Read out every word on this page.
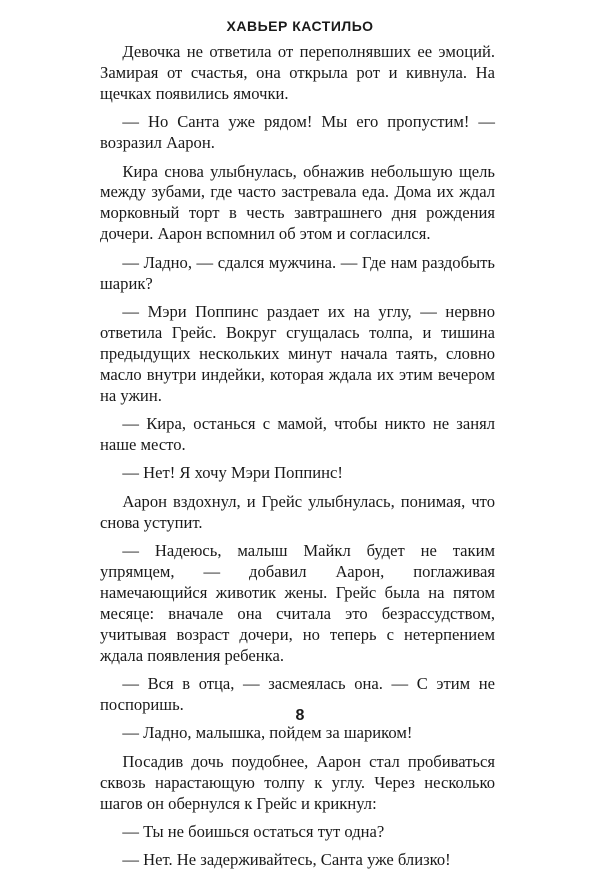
ХАВЬЕР КАСТИЛЬО

Девочка не ответила от переполнявших ее эмоций. Замирая от счастья, она открыла рот и кивнула. На щечках появились ямочки.

— Но Санта уже рядом! Мы его пропустим! — возразил Аарон.

Кира снова улыбнулась, обнажив небольшую щель между зубами, где часто застревала еда. Дома их ждал морковный торт в честь завтрашнего дня рождения дочери. Аарон вспомнил об этом и согласился.

— Ладно, — сдался мужчина. — Где нам раздобыть шарик?

— Мэри Поппинс раздает их на углу, — нервно ответила Грейс. Вокруг сгущалась толпа, и тишина предыдущих нескольких минут начала таять, словно масло внутри индейки, которая ждала их этим вечером на ужин.

— Кира, останься с мамой, чтобы никто не занял наше место.

— Нет! Я хочу Мэри Поппинс!

Аарон вздохнул, и Грейс улыбнулась, понимая, что снова уступит.

— Надеюсь, малыш Майкл будет не таким упрямцем, — добавил Аарон, поглаживая намечающийся животик жены. Грейс была на пятом месяце: вначале она считала это безрассудством, учитывая возраст дочери, но теперь с нетерпением ждала появления ребенка.

— Вся в отца, — засмеялась она. — С этим не поспоришь.

— Ладно, малышка, пойдем за шариком!

Посадив дочь поудобнее, Аарон стал пробиваться сквозь нарастающую толпу к углу. Через несколько шагов он обернулся к Грейс и крикнул:

— Ты не боишься остаться тут одна?

— Нет. Не задерживайтесь, Санта уже близко!

8
